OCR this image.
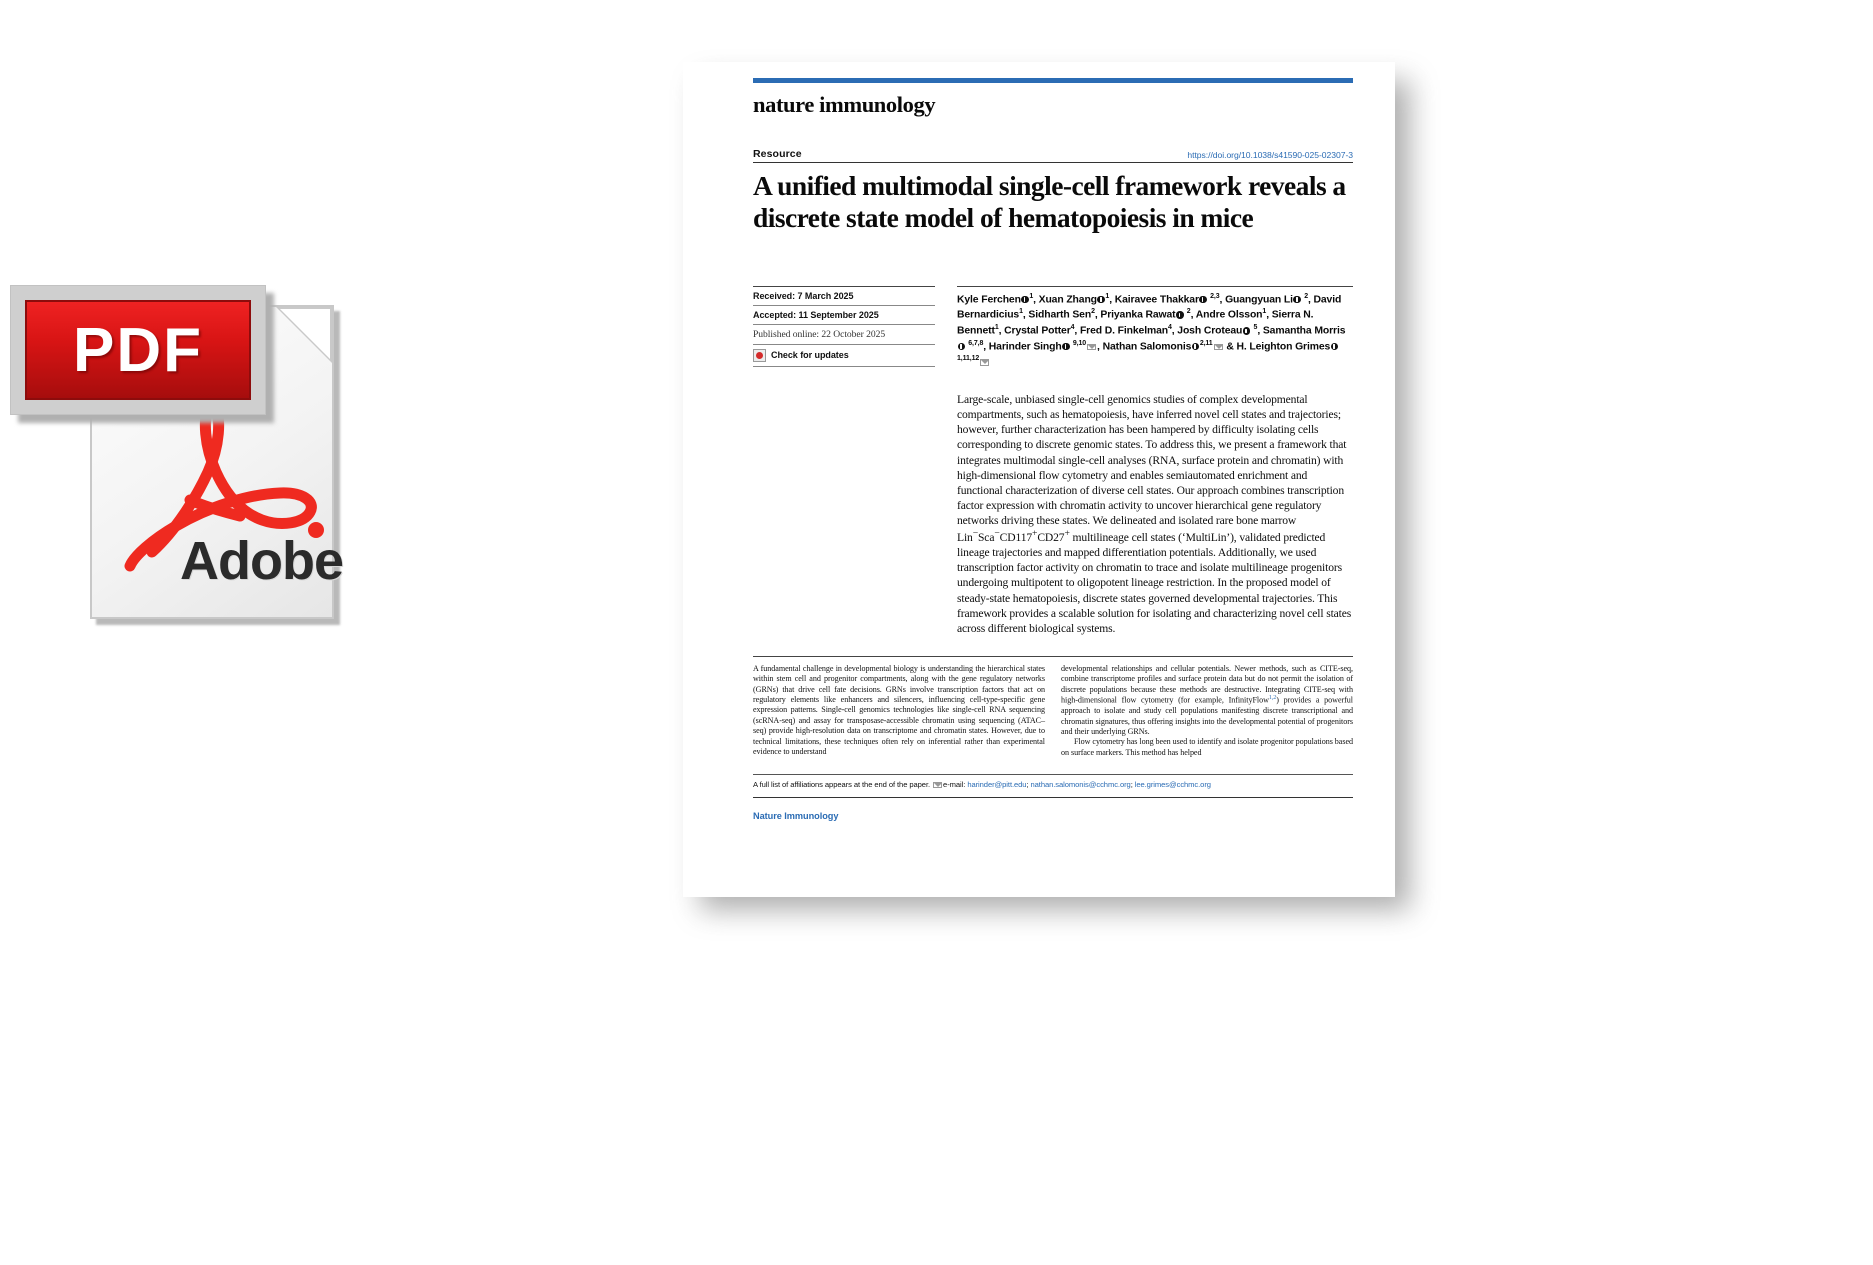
Adobe
PDF
nature immunology
Resource	https://doi.org/10.1038/s41590-025-02307-3
A unified multimodal single-cell framework reveals a discrete state model of hematopoiesis in mice
Received: 7 March 2025
Accepted: 11 September 2025
Published online: 22 October 2025
Check for updates
Kyle Ferchen $^1$, Xuan Zhang $^1$, Kairavee Thakkar $^{2,3}$, Guangyuan Li $^2$, David Bernardicius$^1$, Sidharth Sen$^2$, Priyanka Rawat $^2$, Andre Olsson$^1$, Sierra N. Bennett$^1$, Crystal Potter$^4$, Fred D. Finkelman$^4$, Josh Croteau $^5$, Samantha Morris $^{6,7,8}$, Harinder Singh $^{9,10}$ , Nathan Salomonis $^{2,11}$ & H. Leighton Grimes $^{1,11,12}$
Large-scale, unbiased single-cell genomics studies of complex developmental compartments, such as hematopoiesis, have inferred novel cell states and trajectories; however, further characterization has been hampered by difficulty isolating cells corresponding to discrete genomic states. To address this, we present a framework that integrates multimodal single-cell analyses (RNA, surface protein and chromatin) with high-dimensional flow cytometry and enables semiautomated enrichment and functional characterization of diverse cell states. Our approach combines transcription factor expression with chromatin activity to uncover hierarchical gene regulatory networks driving these states. We delineated and isolated rare bone marrow Lin−Sca−CD117+CD27+ multilineage cell states (‘MultiLin’), validated predicted lineage trajectories and mapped differentiation potentials. Additionally, we used transcription factor activity on chromatin to trace and isolate multilineage progenitors undergoing multipotent to oligopotent lineage restriction. In the proposed model of steady-state hematopoiesis, discrete states governed developmental trajectories. This framework provides a scalable solution for isolating and characterizing novel cell states across different biological systems.

A fundamental challenge in developmental biology is understanding the hierarchical states within stem cell and progenitor compartments, along with the gene regulatory networks (GRNs) that drive cell fate decisions. GRNs involve transcription factors that act on regulatory elements like enhancers and silencers, influencing cell-type-specific gene expression patterns. Single-cell genomics technologies like single-cell RNA sequencing (scRNA-seq) and assay for transposase-accessible chromatin using sequencing (ATAC–seq) provide high-resolution data on transcriptome and chromatin states. However, due to technical limitations, these techniques often rely on inferential rather than experimental evidence to understand

developmental relationships and cellular potentials. Newer methods, such as CITE-seq, combine transcriptome profiles and surface protein data but do not permit the isolation of discrete populations because these methods are destructive. Integrating CITE-seq with high-dimensional flow cytometry (for example, InfinityFlow$^{1,2}$) provides a powerful approach to isolate and study cell populations manifesting discrete transcriptional and chromatin signatures, thus offering insights into the developmental potential of progenitors and their underlying GRNs.

Flow cytometry has long been used to identify and isolate progenitor populations based on surface markers. This method has helped

A full list of affiliations appears at the end of the paper. e-mail: harinder@pitt.edu; nathan.salomonis@cchmc.org; lee.grimes@cchmc.org
Nature Immunology
